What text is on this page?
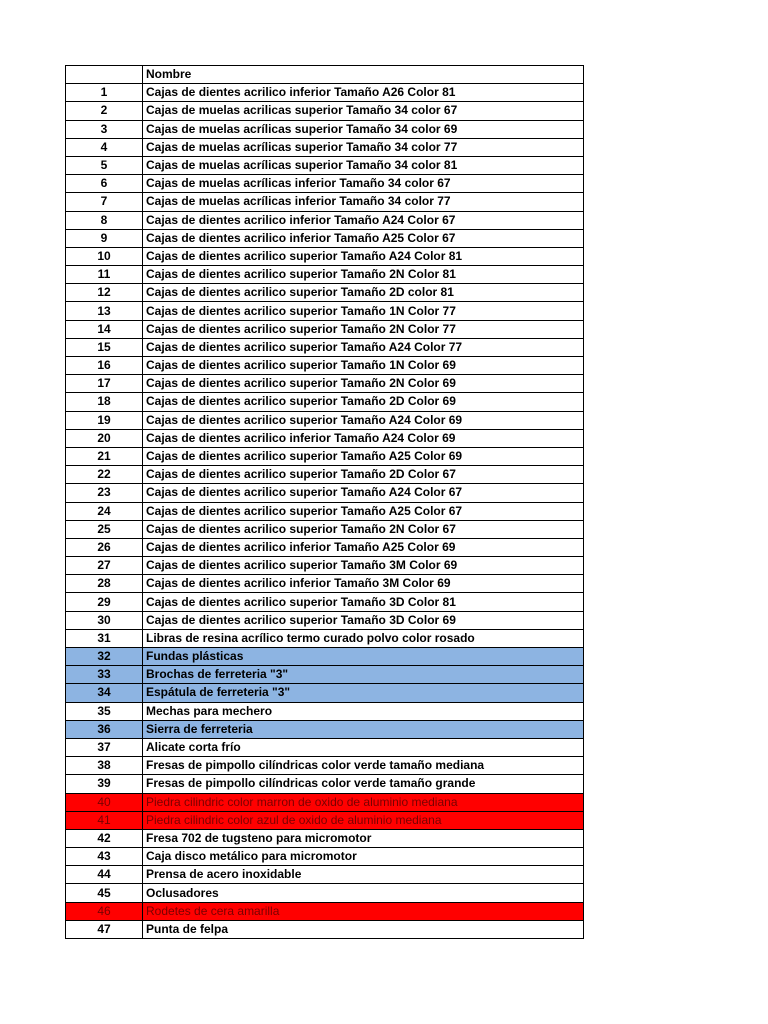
	Nombre
1	Cajas de dientes acrilico inferior Tamaño A26 Color 81
2	Cajas de muelas acrilicas superior Tamaño 34 color 67
3	Cajas de muelas acrílicas superior Tamaño 34 color 69
4	Cajas de muelas acrílicas superior Tamaño 34 color 77
5	Cajas de muelas acrílicas superior Tamaño 34 color 81
6	Cajas de muelas acrílicas inferior Tamaño 34 color 67
7	Cajas de muelas acrílicas inferior Tamaño 34 color 77
8	Cajas de dientes acrilico inferior Tamaño A24 Color 67
9	Cajas de dientes acrilico inferior Tamaño A25 Color 67
10	Cajas de dientes acrilico superior Tamaño A24 Color 81
11	Cajas de dientes acrilico superior Tamaño 2N Color 81
12	Cajas de dientes acrilico superior Tamaño 2D color 81
13	Cajas de dientes acrilico superior Tamaño 1N Color 77
14	Cajas de dientes acrilico superior Tamaño 2N Color 77
15	Cajas de dientes acrilico superior Tamaño A24 Color 77
16	Cajas de dientes acrilico superior Tamaño 1N Color 69
17	Cajas de dientes acrilico superior Tamaño 2N Color 69
18	Cajas de dientes acrilico superior Tamaño 2D Color 69
19	Cajas de dientes acrilico superior Tamaño A24 Color 69
20	Cajas de dientes acrilico inferior Tamaño A24 Color 69
21	Cajas de dientes acrilico superior Tamaño A25 Color 69
22	Cajas de dientes acrilico superior Tamaño 2D Color 67
23	Cajas de dientes acrilico superior Tamaño A24 Color 67
24	Cajas de dientes acrilico superior Tamaño A25 Color 67
25	Cajas de dientes acrilico superior Tamaño 2N Color 67
26	Cajas de dientes acrilico inferior Tamaño A25 Color 69
27	Cajas de dientes acrilico superior Tamaño 3M Color 69
28	Cajas de dientes acrilico inferior Tamaño 3M Color 69
29	Cajas de dientes acrilico superior Tamaño 3D Color 81
30	Cajas de dientes acrilico superior Tamaño 3D Color 69
31	Libras de resina acrílico termo curado polvo color rosado
32	Fundas plásticas
33	Brochas de ferreteria "3"
34	Espátula de ferreteria "3"
35	Mechas para mechero
36	Sierra de ferreteria
37	Alicate corta frío
38	Fresas de pimpollo cilíndricas color verde tamaño mediana
39	Fresas de pimpollo cilíndricas color verde tamaño grande
40	Piedra cilindric color marron de oxido de aluminio mediana
41	Piedra cilindric color azul de oxido de aluminio mediana
42	Fresa 702 de tugsteno para micromotor
43	Caja disco metálico para micromotor
44	Prensa de acero inoxidable
45	Oclusadores
46	Rodetes de cera amarilla
47	Punta de felpa
